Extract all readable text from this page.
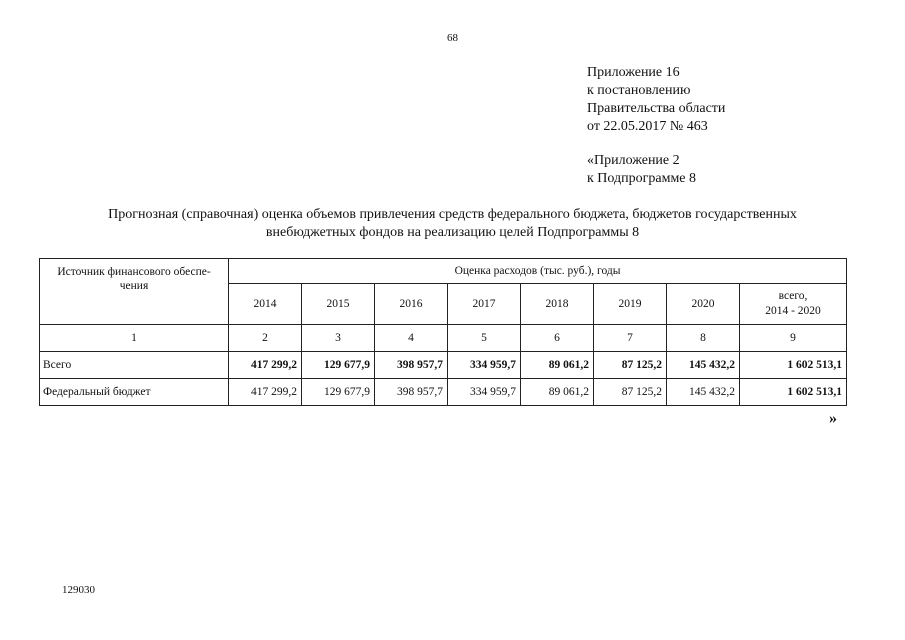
68
Приложение 16
к постановлению
Правительства области
от 22.05.2017 № 463
«Приложение 2
к Подпрограмме 8
Прогнозная (справочная) оценка объемов привлечения средств федерального бюджета, бюджетов государственных
внебюджетных фондов на реализацию целей Подпрограммы 8
Источник финансового обеспе-
чения	Оценка расходов (тыс. руб.), годы							
	2014	2015	2016	2017	2018	2019	2020	всего,
2014 - 2020

1	2	3	4	5	6	7	8	9
Всего	417 299,2	129 677,9	398 957,7	334 959,7	89 061,2	87 125,2	145 432,2	1 602 513,1
Федеральный бюджет	417 299,2	129 677,9	398 957,7	334 959,7	89 061,2	87 125,2	145 432,2	1 602 513,1
»
129030
